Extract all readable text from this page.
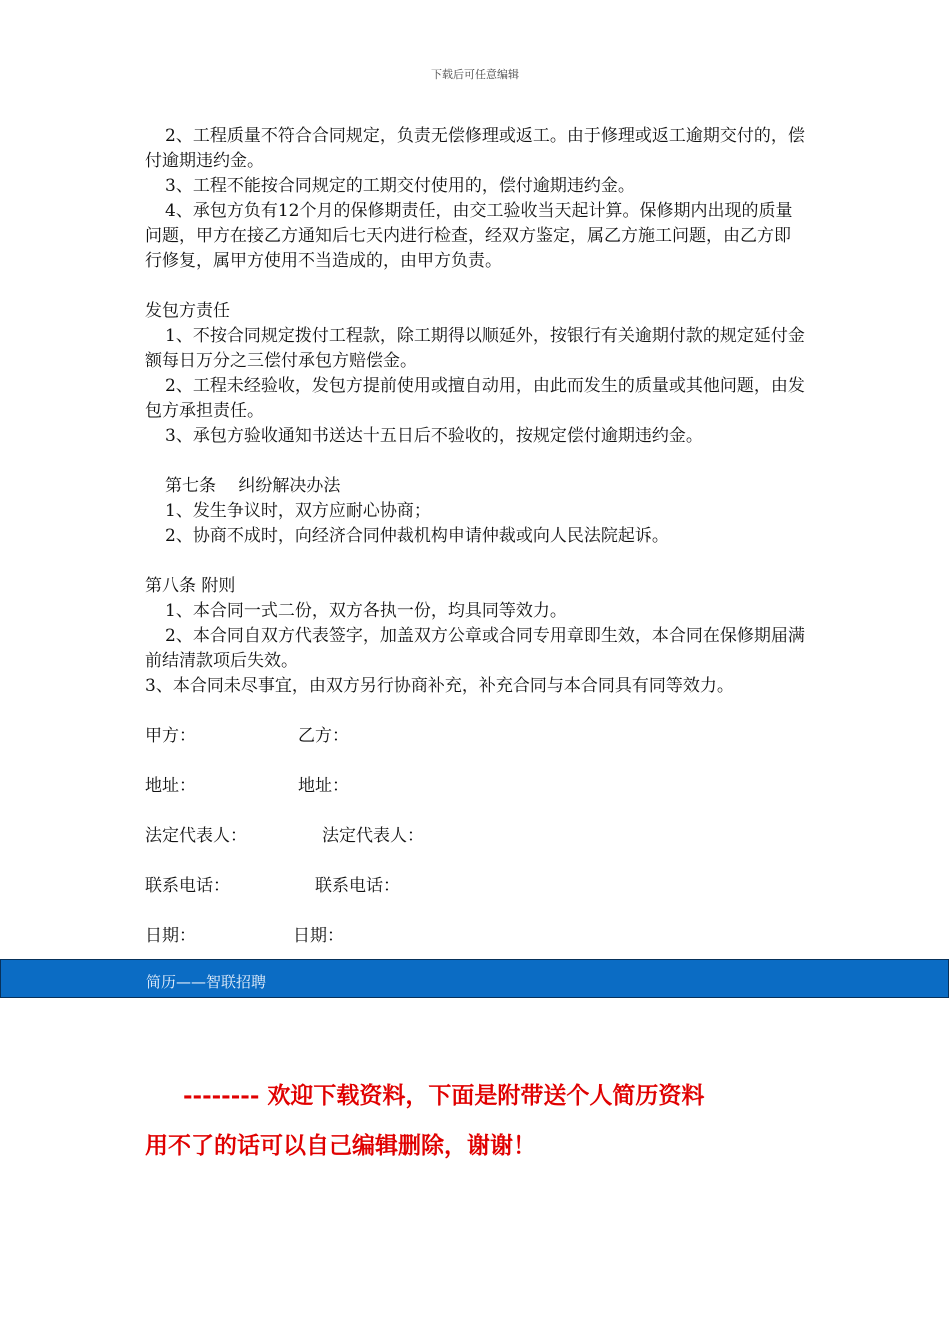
下载后可任意编辑

2、工程质量不符合合同规定，负责无偿修理或返工。由于修理或返工逾期交付的，偿付逾期违约金。

3、工程不能按合同规定的工期交付使用的，偿付逾期违约金。

4、承包方负有12个月的保修期责任，由交工验收当天起计算。保修期内出现的质量问题，甲方在接乙方通知后七天内进行检查，经双方鉴定，属乙方施工问题，由乙方即行修复，属甲方使用不当造成的，由甲方负责。

发包方责任

1、不按合同规定拨付工程款，除工期得以顺延外，按银行有关逾期付款的规定延付金额每日万分之三偿付承包方赔偿金。

2、工程未经验收，发包方提前使用或擅自动用，由此而发生的质量或其他问题，由发包方承担责任。

3、承包方验收通知书送达十五日后不验收的，按规定偿付逾期违约金。

第七条　 纠纷解决办法
1、发生争议时，双方应耐心协商；
2、协商不成时，向经济合同仲裁机构申请仲裁或向人民法院起诉。
第八条 附则

1、本合同一式二份，双方各执一份，均具同等效力。

2、本合同自双方代表签字，加盖双方公章或合同专用章即生效，本合同在保修期届满前结清款项后失效。

3、本合同未尽事宜，由双方另行协商补充，补充合同与本合同具有同等效力。
甲方：	乙方：
地址：	地址：
法定代表人：	法定代表人：
联系电话：	联系电话：
日期：	日期：
简历——智联招聘
-------- 欢迎下载资料，下面是附带送个人简历资料
用不了的话可以自己编辑删除，谢谢！
